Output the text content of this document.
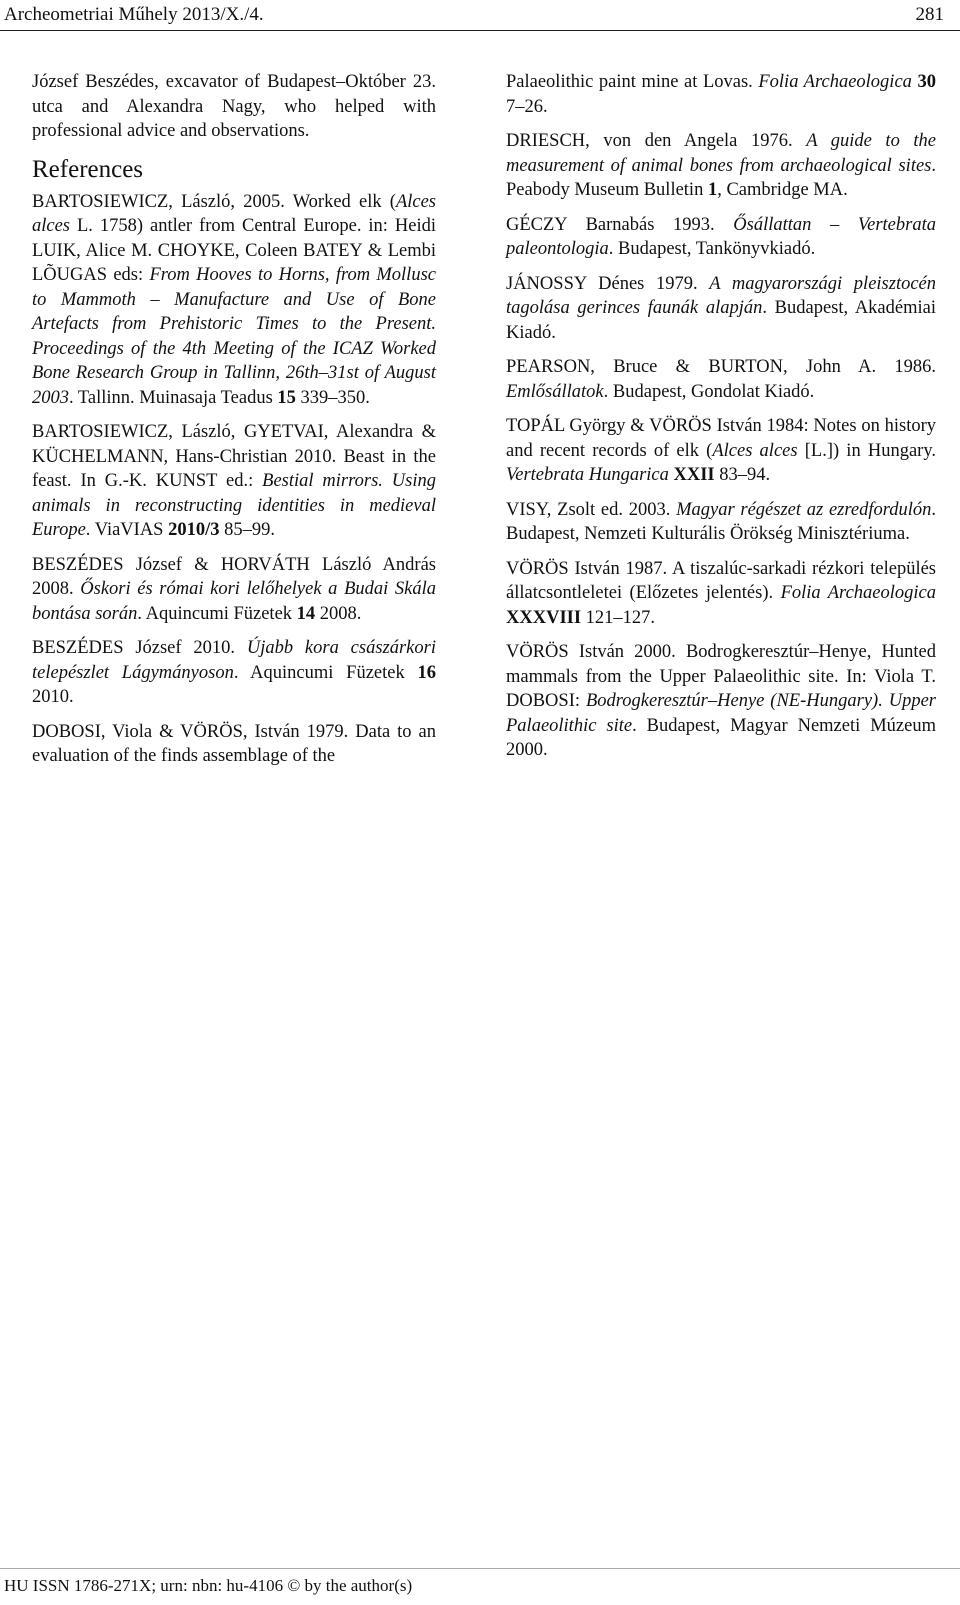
Archeometriai Műhely 2013/X./4.	281

József Beszédes, excavator of Budapest–Október 23. utca and Alexandra Nagy, who helped with professional advice and observations.

References

BARTOSIEWICZ, László, 2005. Worked elk (Alces alces L. 1758) antler from Central Europe. in: Heidi LUIK, Alice M. CHOYKE, Coleen BATEY & Lembi LÕUGAS eds: From Hooves to Horns, from Mollusc to Mammoth – Manufacture and Use of Bone Artefacts from Prehistoric Times to the Present. Proceedings of the 4th Meeting of the ICAZ Worked Bone Research Group in Tallinn, 26th–31st of August 2003. Tallinn. Muinasaja Teadus 15 339–350.

BARTOSIEWICZ, László, GYETVAI, Alexandra & KÜCHELMANN, Hans-Christian 2010. Beast in the feast. In G.-K. KUNST ed.: Bestial mirrors. Using animals in reconstructing identities in medieval Europe. ViaVIAS 2010/3 85–99.

BESZÉDES József & HORVÁTH László András 2008. Őskori és római kori lelőhelyek a Budai Skála bontása során. Aquincumi Füzetek 14 2008.

BESZÉDES József 2010. Újabb kora császárkori telepészlet Lágymányoson. Aquincumi Füzetek 16 2010.

DOBOSI, Viola & VÖRÖS, István 1979. Data to an evaluation of the finds assemblage of the

Palaeolithic paint mine at Lovas. Folia Archaeologica 30 7–26.

DRIESCH, von den Angela 1976. A guide to the measurement of animal bones from archaeological sites. Peabody Museum Bulletin 1, Cambridge MA.

GÉCZY Barnabás 1993. Ősállattan – Vertebrata paleontologia. Budapest, Tankönyvkiadó.

JÁNOSSY Dénes 1979. A magyarországi pleisztocén tagolása gerinces faunák alapján. Budapest, Akadémiai Kiadó.

PEARSON, Bruce & BURTON, John A. 1986. Emlősállatok. Budapest, Gondolat Kiadó.

TOPÁL György & VÖRÖS István 1984: Notes on history and recent records of elk (Alces alces [L.]) in Hungary. Vertebrata Hungarica XXII 83–94.

VISY, Zsolt ed. 2003. Magyar régészet az ezredfordulón. Budapest, Nemzeti Kulturális Örökség Minisztériuma.

VÖRÖS István 1987. A tiszalúc-sarkadi rézkori település állatcsontleletei (Előzetes jelentés). Folia Archaeologica XXXVIII 121–127.

VÖRÖS István 2000. Bodrogkeresztúr–Henye, Hunted mammals from the Upper Palaeolithic site. In: Viola T. DOBOSI: Bodrogkeresztúr–Henye (NE-Hungary). Upper Palaeolithic site. Budapest, Magyar Nemzeti Múzeum 2000.

HU ISSN 1786-271X; urn: nbn: hu-4106 © by the author(s)
